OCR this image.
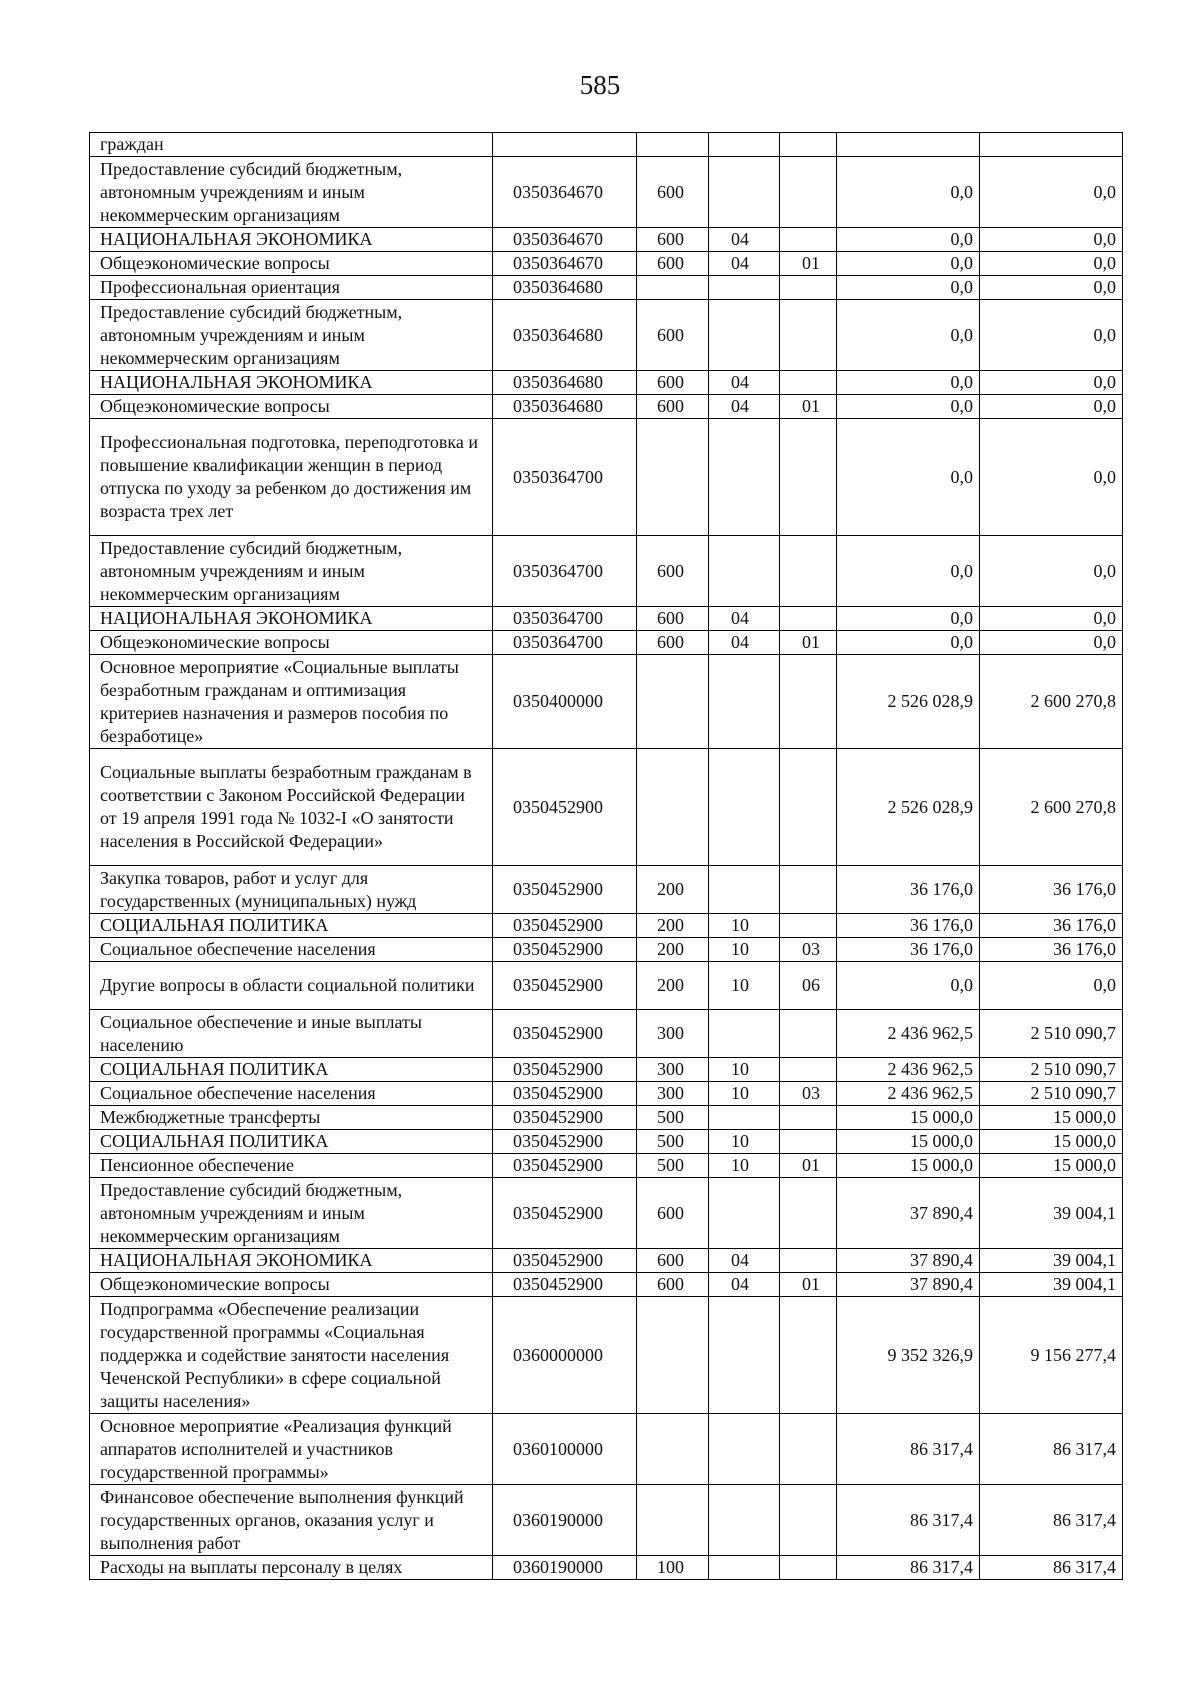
585
граждан						
Предоставление субсидий бюджетным, автономным учреждениям и иным некоммерческим организациям	0350364670	600			0,0	0,0
НАЦИОНАЛЬНАЯ ЭКОНОМИКА	0350364670	600	04		0,0	0,0
Общеэкономические вопросы	0350364670	600	04	01	0,0	0,0
Профессиональная ориентация	0350364680				0,0	0,0
Предоставление субсидий бюджетным, автономным учреждениям и иным некоммерческим организациям	0350364680	600			0,0	0,0
НАЦИОНАЛЬНАЯ ЭКОНОМИКА	0350364680	600	04		0,0	0,0
Общеэкономические вопросы	0350364680	600	04	01	0,0	0,0
Профессиональная подготовка, переподготовка и повышение квалификации женщин в период отпуска по уходу за ребенком до достижения им возраста трех лет	0350364700				0,0	0,0
Предоставление субсидий бюджетным, автономным учреждениям и иным некоммерческим организациям	0350364700	600			0,0	0,0
НАЦИОНАЛЬНАЯ ЭКОНОМИКА	0350364700	600	04		0,0	0,0
Общеэкономические вопросы	0350364700	600	04	01	0,0	0,0
Основное мероприятие «Социальные выплаты безработным гражданам и оптимизация критериев назначения и размеров пособия по безработице»	0350400000				2 526 028,9	2 600 270,8
Социальные выплаты безработным гражданам в соответствии с Законом Российской Федерации от 19 апреля 1991 года № 1032-I «О занятости населения в Российской Федерации»	0350452900				2 526 028,9	2 600 270,8
Закупка товаров, работ и услуг для государственных (муниципальных) нужд	0350452900	200			36 176,0	36 176,0
СОЦИАЛЬНАЯ ПОЛИТИКА	0350452900	200	10		36 176,0	36 176,0
Социальное обеспечение населения	0350452900	200	10	03	36 176,0	36 176,0
Другие вопросы в области социальной политики	0350452900	200	10	06	0,0	0,0
Социальное обеспечение и иные выплаты населению	0350452900	300			2 436 962,5	2 510 090,7
СОЦИАЛЬНАЯ ПОЛИТИКА	0350452900	300	10		2 436 962,5	2 510 090,7
Социальное обеспечение населения	0350452900	300	10	03	2 436 962,5	2 510 090,7
Межбюджетные трансферты	0350452900	500			15 000,0	15 000,0
СОЦИАЛЬНАЯ ПОЛИТИКА	0350452900	500	10		15 000,0	15 000,0
Пенсионное обеспечение	0350452900	500	10	01	15 000,0	15 000,0
Предоставление субсидий бюджетным, автономным учреждениям и иным некоммерческим организациям	0350452900	600			37 890,4	39 004,1
НАЦИОНАЛЬНАЯ ЭКОНОМИКА	0350452900	600	04		37 890,4	39 004,1
Общеэкономические вопросы	0350452900	600	04	01	37 890,4	39 004,1
Подпрограмма «Обеспечение реализации государственной программы «Социальная поддержка и содействие занятости населения Чеченской Республики» в сфере социальной защиты населения»	0360000000				9 352 326,9	9 156 277,4
Основное мероприятие «Реализация функций аппаратов исполнителей и участников государственной программы»	0360100000				86 317,4	86 317,4
Финансовое обеспечение выполнения функций государственных органов, оказания услуг и выполнения работ	0360190000				86 317,4	86 317,4
Расходы на выплаты персоналу в целях	0360190000	100			86 317,4	86 317,4
